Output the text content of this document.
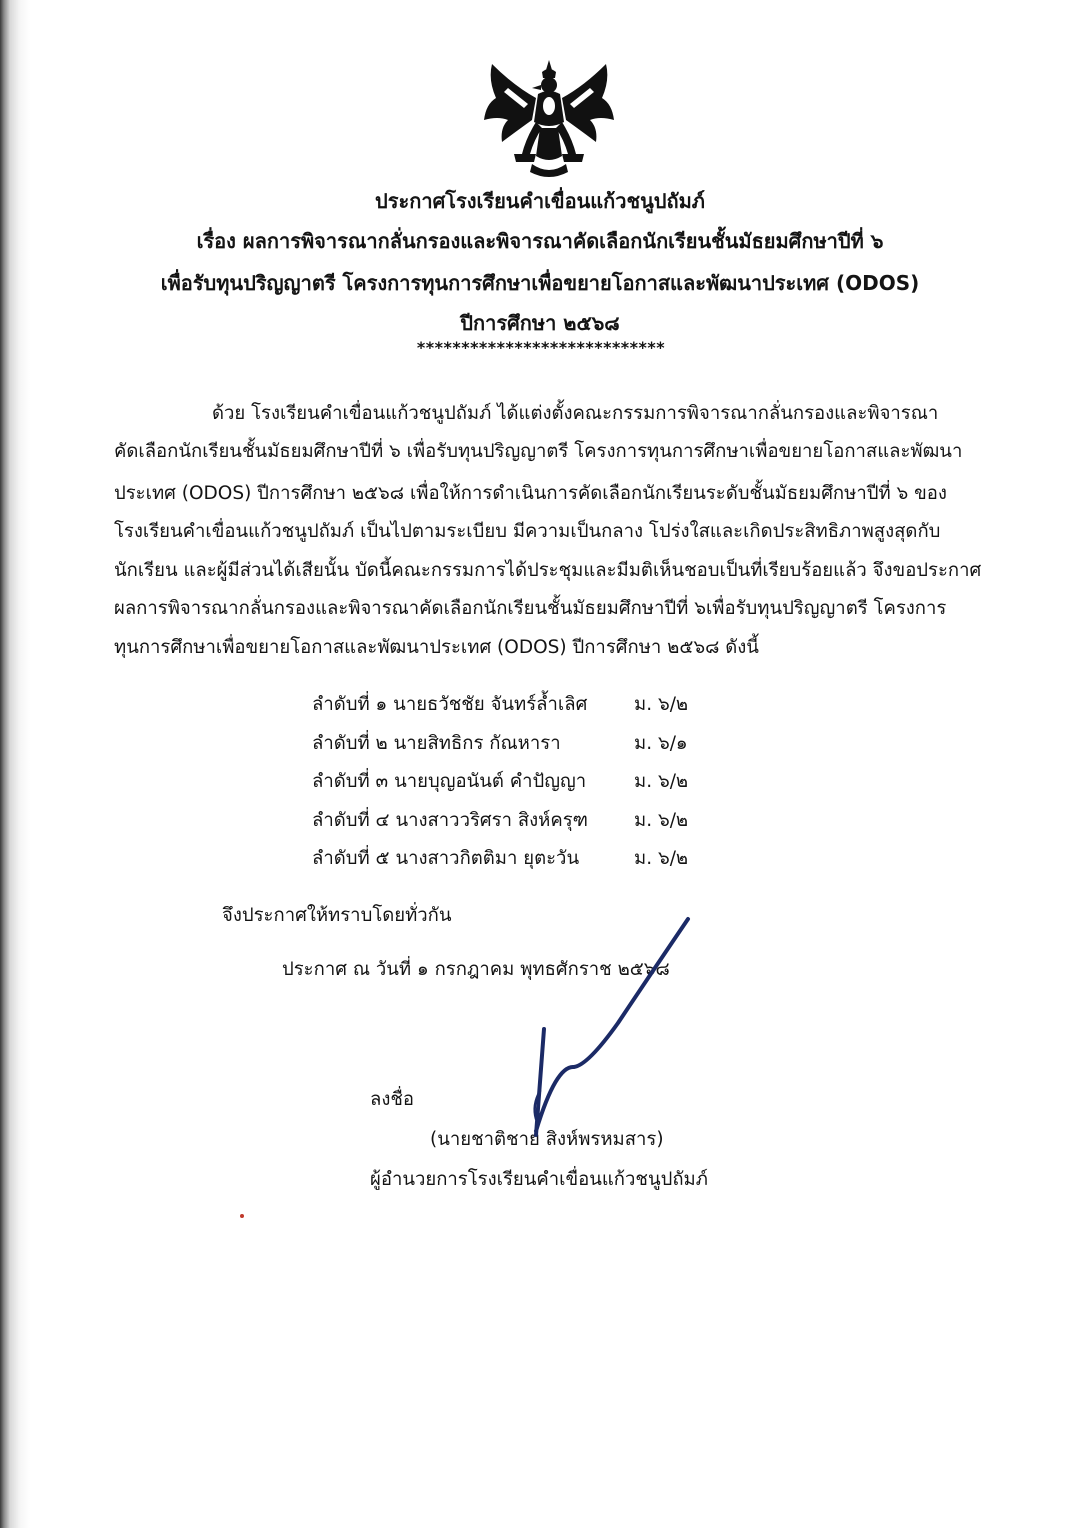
ประกาศโรงเรียนคำเขื่อนแก้วชนูปถัมภ์
เรื่อง ผลการพิจารณากลั่นกรองและพิจารณาคัดเลือกนักเรียนชั้นมัธยมศึกษาปีที่ ๖
เพื่อรับทุนปริญญาตรี โครงการทุนการศึกษาเพื่อขยายโอกาสและพัฒนาประเทศ (ODOS)
ปีการศึกษา ๒๕๖๘
****************************
ด้วย โรงเรียนคำเขื่อนแก้วชนูปถัมภ์ ได้แต่งตั้งคณะกรรมการพิจารณากลั่นกรองและพิจารณา
คัดเลือกนักเรียนชั้นมัธยมศึกษาปีที่ ๖ เพื่อรับทุนปริญญาตรี โครงการทุนการศึกษาเพื่อขยายโอกาสและพัฒนา
ประเทศ (ODOS) ปีการศึกษา ๒๕๖๘ เพื่อให้การดำเนินการคัดเลือกนักเรียนระดับชั้นมัธยมศึกษาปีที่ ๖ ของ
โรงเรียนคำเขื่อนแก้วชนูปถัมภ์ เป็นไปตามระเบียบ มีความเป็นกลาง โปร่งใสและเกิดประสิทธิภาพสูงสุดกับ
นักเรียน และผู้มีส่วนได้เสียนั้น บัดนี้คณะกรรมการได้ประชุมและมีมติเห็นชอบเป็นที่เรียบร้อยแล้ว จึงขอประกาศ
ผลการพิจารณากลั่นกรองและพิจารณาคัดเลือกนักเรียนชั้นมัธยมศึกษาปีที่ ๖เพื่อรับทุนปริญญาตรี โครงการ
ทุนการศึกษาเพื่อขยายโอกาสและพัฒนาประเทศ (ODOS) ปีการศึกษา ๒๕๖๘ ดังนี้
ลำดับที่ ๑ นายธวัชชัย จันทร์ล้ำเลิศ	ม. ๖/๒
ลำดับที่ ๒ นายสิทธิกร กัณหารา	ม. ๖/๑
ลำดับที่ ๓ นายบุญอนันต์ คำปัญญา	ม. ๖/๒
ลำดับที่ ๔ นางสาววริศรา สิงห์ครุฑ ม. ๖/๒
ลำดับที่ ๕ นางสาวกิตติมา ยุตะวัน	ม. ๖/๒
จึงประกาศให้ทราบโดยทั่วกัน
ประกาศ ณ วันที่ ๑ กรกฎาคม พุทธศักราช ๒๕๖๘
ลงชื่อ
(นายชาติชาย สิงห์พรหมสาร)
ผู้อำนวยการโรงเรียนคำเขื่อนแก้วชนูปถัมภ์
